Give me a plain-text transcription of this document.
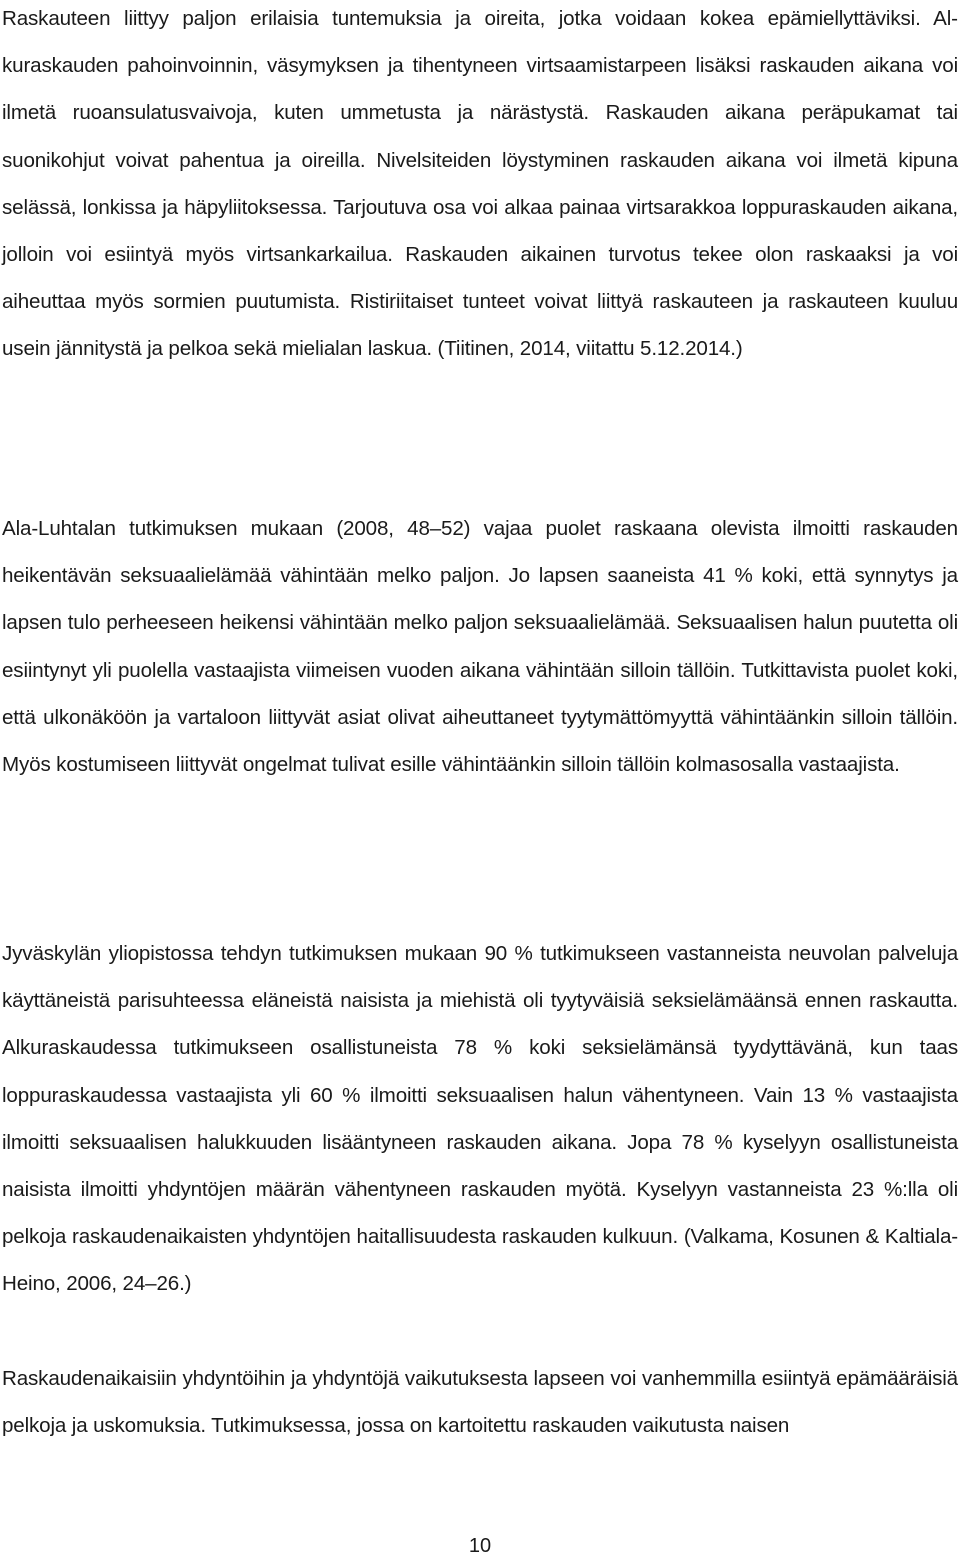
Raskauteen liittyy paljon erilaisia tuntemuksia ja oireita, jotka voidaan kokea epämiellyttäviksi. Alkuraskauden pahoinvoinnin, väsymyksen ja tihentyneen virtsaamistarpeen lisäksi raskauden aikana voi ilmetä ruoansulatusvaivoja, kuten ummetusta ja närästystä. Raskauden aikana peräpukamat tai suonikohjut voivat pahentua ja oireilla. Nivelsiteiden löystyminen raskauden aikana voi ilmetä kipuna selässä, lonkissa ja häpyliitoksessa. Tarjoutuva osa voi alkaa painaa virtsarakkoa loppuraskauden aikana, jolloin voi esiintyä myös virtsankarkailua. Raskauden aikainen turvotus tekee olon raskaaksi ja voi aiheuttaa myös sormien puutumista. Ristiriitaiset tunteet voivat liittyä raskauteen ja raskauteen kuuluu usein jännitystä ja pelkoa sekä mielialan laskua. (Tiitinen, 2014, viitattu 5.12.2014.)

Ala-Luhtalan tutkimuksen mukaan (2008, 48–52) vajaa puolet raskaana olevista ilmoitti raskauden heikentävän seksuaalielämää vähintään melko paljon. Jo lapsen saaneista 41 % koki, että synnytys ja lapsen tulo perheeseen heikensi vähintään melko paljon seksuaalielämää. Seksuaalisen halun puutetta oli esiintynyt yli puolella vastaajista viimeisen vuoden aikana vähintään silloin tällöin. Tutkittavista puolet koki, että ulkonäköön ja vartaloon liittyvät asiat olivat aiheuttaneet tyytymättömyyttä vähintäänkin silloin tällöin. Myös kostumiseen liittyvät ongelmat tulivat esille vähintäänkin silloin tällöin kolmasosalla vastaajista.

Jyväskylän yliopistossa tehdyn tutkimuksen mukaan 90 % tutkimukseen vastanneista neuvolan palveluja käyttäneistä parisuhteessa eläneistä naisista ja miehistä oli tyytyväisiä seksielämäänsä ennen raskautta. Alkuraskaudessa tutkimukseen osallistuneista 78 % koki seksielämänsä tyydyttävänä, kun taas loppuraskaudessa vastaajista yli 60 % ilmoitti seksuaalisen halun vähentyneen. Vain 13 % vastaajista ilmoitti seksuaalisen halukkuuden lisääntyneen raskauden aikana. Jopa 78 % kyselyyn osallistuneista naisista ilmoitti yhdyntöjen määrän vähentyneen raskauden myötä. Kyselyyn vastanneista 23 %:lla oli pelkoja raskaudenaikaisten yhdyntöjen haitallisuudesta raskauden kulkuun. (Valkama, Kosunen & Kaltiala-Heino, 2006, 24–26.)

Raskaudenaikaisiin yhdyntöihin ja yhdyntöjä vaikutuksesta lapseen voi vanhemmilla esiintyä epämääräisiä pelkoja ja uskomuksia. Tutkimuksessa, jossa on kartoitettu raskauden vaikutusta naisen

10
